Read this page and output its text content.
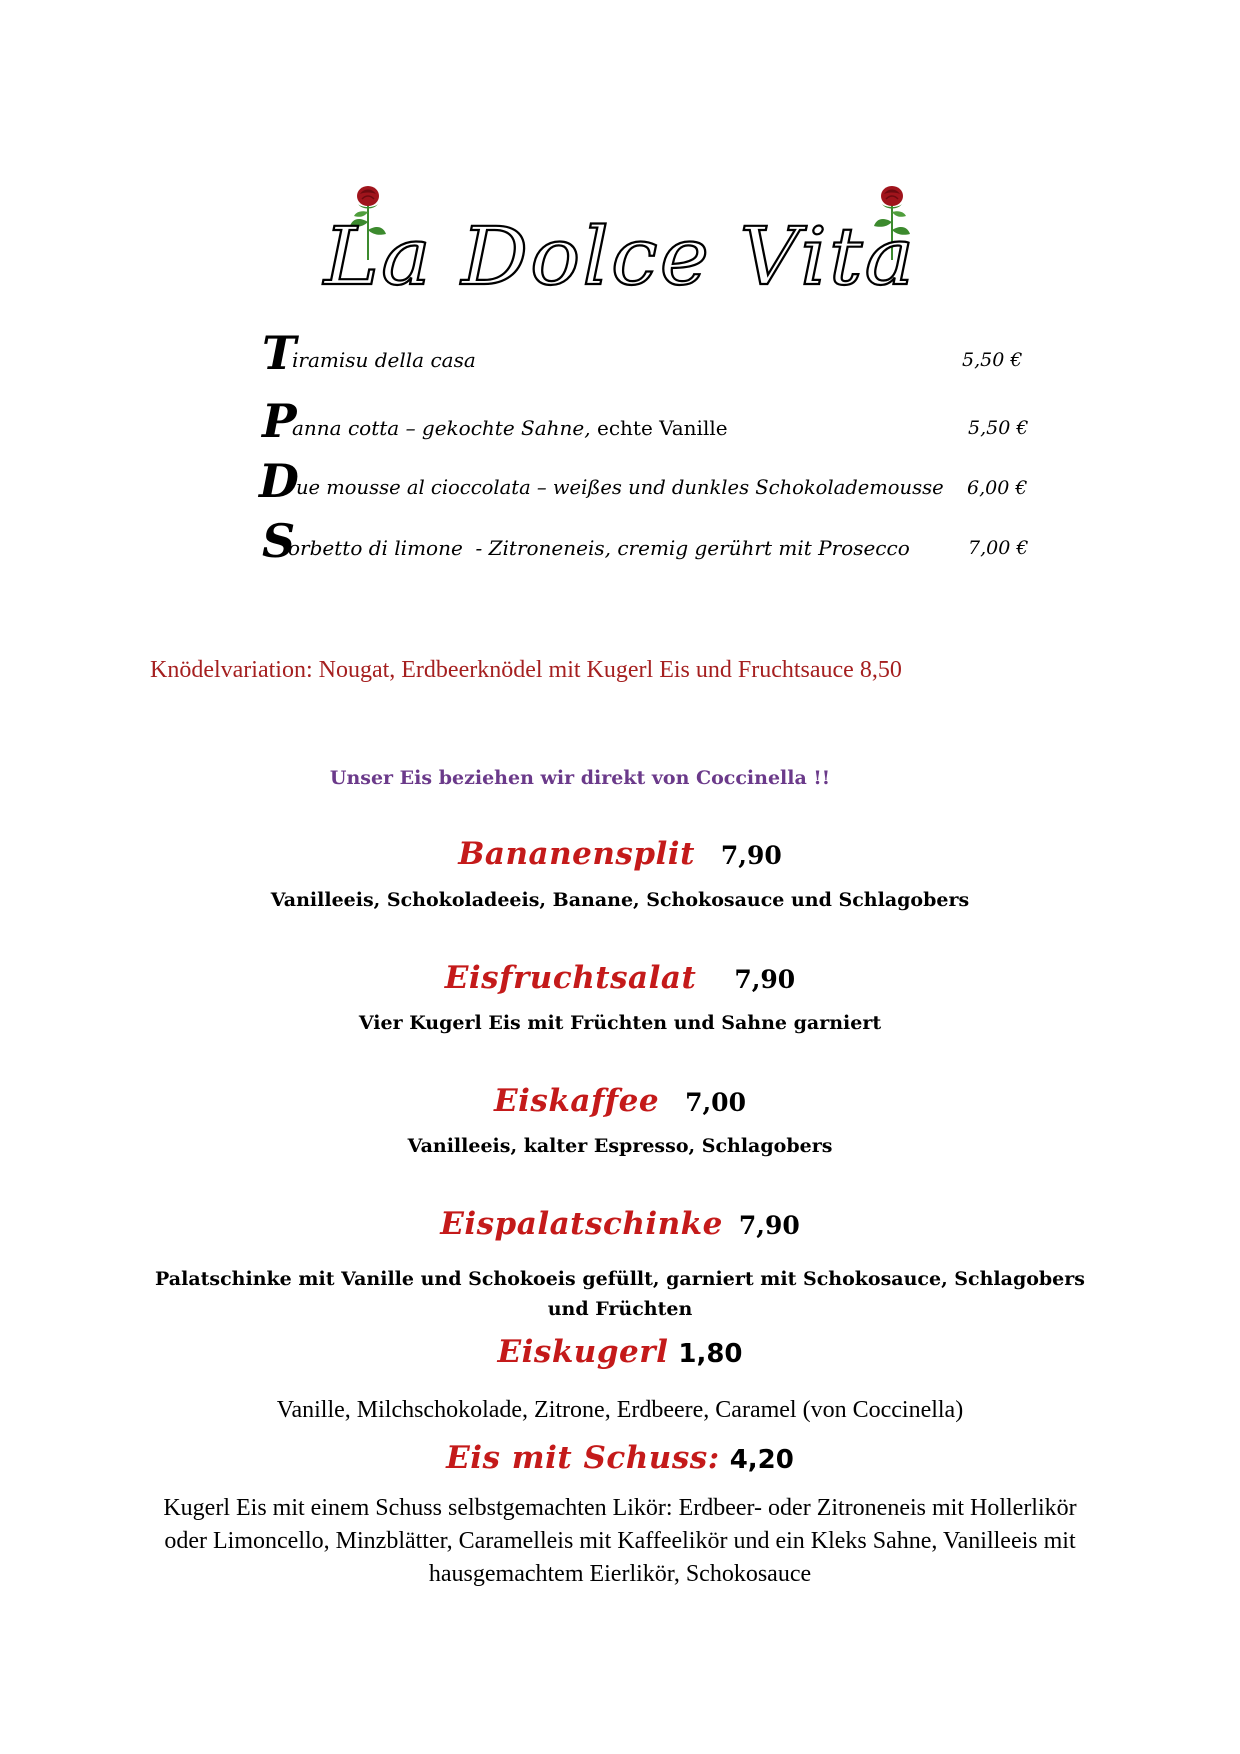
La Dolce Vita
T
iramisu della casa	5,50 €
P
anna cotta – gekochte Sahne, echte Vanille	5,50 €
D
ue mousse al cioccolata – weißes und dunkles Schokolademousse 6,00 €
S
orbetto di limone  - Zitroneneis, cremig gerührt mit Prosecco	7,00 €
Knödelvariation: Nougat, Erdbeerknödel mit Kugerl Eis und Fruchtsauce 8,50
Unser Eis beziehen wir direkt von Coccinella !!
Bananensplit 7,90
Vanilleeis, Schokoladeeis, Banane, Schokosauce und Schlagobers
Eisfruchtsalat 7,90
Vier Kugerl Eis mit Früchten und Sahne garniert
Eiskaffee 7,00
Vanilleeis, kalter Espresso, Schlagobers
Eispalatschinke 7,90
Palatschinke mit Vanille und Schokoeis gefüllt, garniert mit Schokosauce, Schlagobers und Früchten
Eiskugerl 1,80
Vanille, Milchschokolade, Zitrone, Erdbeere, Caramel (von Coccinella)
Eis mit Schuss: 4,20
Kugerl Eis mit einem Schuss selbstgemachten Likör: Erdbeer- oder Zitroneneis mit Hollerlikör oder Limoncello, Minzblätter, Caramelleis mit Kaffeelikör und ein Kleks Sahne, Vanilleeis mit hausgemachtem Eierlikör, Schokosauce
